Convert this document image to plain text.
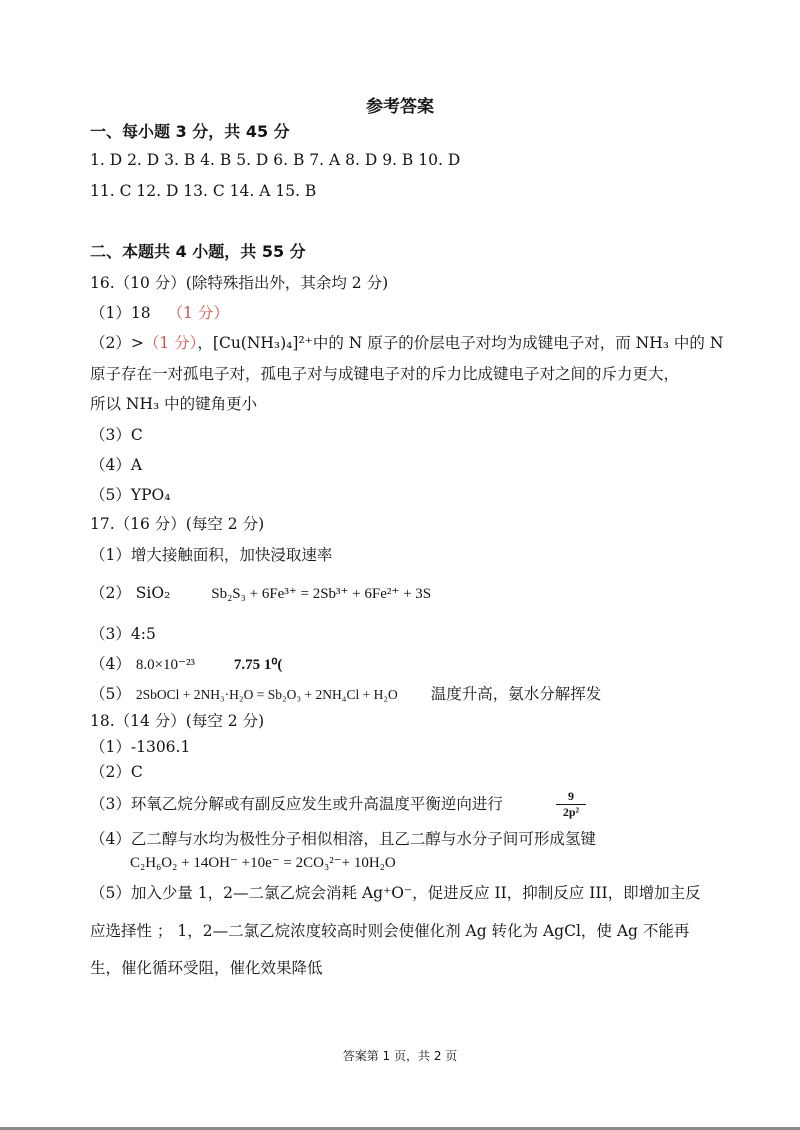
参考答案
一、每小题 3 分，共 45 分
1. D 2. D 3. B 4. B 5. D 6. B 7. A 8. D 9. B 10. D
11. C 12. D 13. C 14. A 15. B
二、本题共 4 小题，共 55 分
16.（10 分）(除特殊指出外，其余均 2 分)
（1）18 （1 分）
（2）>（1 分），[Cu(NH₃)₄]²⁺中的 N 原子的价层电子对均为成键电子对，而 NH₃ 中的 N
原子存在一对孤电子对，孤电子对与成键电子对的斥力比成键电子对之间的斥力更大，
所以 NH₃ 中的键角更小
（3）C
（4）A
（5）YPO₄
17.（16 分）(每空 2 分)
（1）增大接触面积，加快浸取速率
（2） SiO₂	Sb₂S₃ + 6Fe³⁺ = 2Sb³⁺ + 6Fe²⁺ + 3S
（3）4:5
（4） 8.0×10⁻²³	7.75 1⁰(
（5） 2SbOCl + 2NH₃·H₂O = Sb₂O₃ + 2NH₄Cl + H₂O 温度升高，氨水分解挥发
18.（14 分）(每空 2 分)
（1）-1306.1
（2）C
（3）环氧乙烷分解或有副反应发生或升高温度平衡逆向进行	9
2p²
（4）乙二醇与水均为极性分子相似相溶，且乙二醇与水分子间可形成氢键
C₂H₆O₂ + 14OH⁻ +10e⁻ = 2CO₃²⁻+ 10H₂O
（5）加入少量 1，2—二氯乙烷会消耗 Ag⁺O⁻，促进反应 II，抑制反应 III，即增加主反
应选择性 ； 1，2—二氯乙烷浓度较高时则会使催化剂 Ag 转化为 AgCl，使 Ag 不能再
生，催化循环受阻，催化效果降低
答案第 1 页，共 2 页
